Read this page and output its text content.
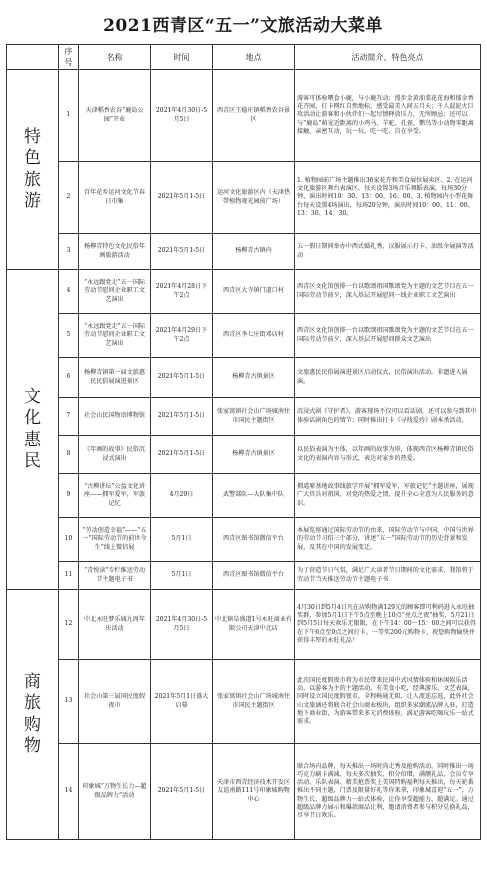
2021西青区“五一”文旅活动大菜单
	序号	名称	时间	地点	活动简介、特色亮点
特色旅游	1	天津稻香农谷“鹿岛公园”开业	2021年4月30日-5月5日	西青区王稳庄镇稻香农谷景区	游客可体验喂食小鹿，与小鹿互动；漫步金黄油菜花花海和郁金香花卉园，打卡网红自然地标，感受最美人间五月天；千人混泥火巨攻活动让游客和小伙伴们一起尽情释放压力，无所顾忌；还可以与“鹿岛”萌宠近距离的小鸡马、羊驼、孔雀、鹦鸟等小动物零距离接触、亲密互动，玩一玩、吃一吃、自在享受。
	2	百年花乡运河文化节春日市集	2021年5月1-5日	运河文化旅游区内（天津热带植物观光园前广场）	1. 植物园前广场主题推出36家花卉和美食展位展卖区。2. 在运河文化旅游区舞台表演区，每天设置3场音乐舞蹈表演，每场30分钟，演出时间10：30、13：00、16：00。3. 植物园内小型花舞台每天设置4场演出，每场20分钟，演出时间10：00、11：00、13：30、14：30。
	3	杨柳青特色文化民俗年画旅游活动	2021年5月1-5日	杨柳青古镇内	五一假日期间举办中西式婚礼秀、汉服展示打卡，油纸伞展演等活动
文化惠民	4	“永远跟党走”五一国际劳动节慰问企业职工文艺演出	2021年4月28日下午2点	西青区大寺镇门道口村	西青区文化馆创排一台以歌颂祖国歌颂党为主题的文艺节目在五一国际劳动节前夕，深入基层开展慰问一线企业职工文艺演出
	5	“永远跟党走”五一国际劳动节慰问企业职工文艺演出	2021年4月29日下午2点	西青区李七庄街邓店村	西青区文化馆创排一台以歌颂祖国歌颂党为主题的文艺节目在五一国际劳动节前夕，深入基层开展慰问群众文艺演出
	6	杨柳青镇第一届文旅惠民民俗展演进景区	2021年5月1-5日	杨柳青古镇景区	文旅惠民民俗展演进景区启动仪式，民俗演出活动。非遗进入展演。
	7	社会山民国物语博物馆	2021年5月1-5日	张家窝镇社会山广场城南往市国民主题街区	沉浸式剧《守护者》，游客现场不仅可以看话剧，还可以参与到其中体验话剧角色的情节；同时推出打卡《寻找爱玲》剧本杀活动。
	8	《年画的故事》民俗沉浸式演出	2021年5月1-5日	杨柳青古镇景区	以民俗表演为主体，以年画的故事为形，体现西青区杨柳青镇民俗文化的表演内容与形式，表达对家乡的热爱。
	9	“古柳讲坛”公益文化讲座——拥军爱军，军旅记忆	4月29日	武警部队—大队集中队	拥道原基地故事线旅学开展“拥军爱军，军旅记忆”主题讲座，展现广大官兵对祖国，对党的热爱之情，提升全心全意为人民服务的意识。
	10	“劳动创造幸福”——“五一”国际劳动节的前世今生”线上微信展	5月1日	西青区图书馆微信平台	本展览将通过国际劳动节的由来，国际劳动节与中国、中国与世界的劳动节习俗三个部分，讲述“五一”国际劳动节的历史背景和发展，及其在中国的发展变迁。
	11	“青悦读”专栏推送劳动节主题电子书	5月1日	西青区图书馆微信平台	为丁营造节日气氛，满足广大读者节日期间的文化需求，我馆将于劳动节当天推送劳动节主题电子书
商旅购物	12	中北永旺梦乐城九周年庆活动	2021年4月30日-5月5日	中北镇阜盛道1号永旺商业有限公司天津中北店	4月30日到5月4日凡在店购物满129元的顾客即可利码进入永旺抽奖群，参加5月1日下午5点至晚上10点“亮点之夜”抽奖，5月21日到5月5日每天欢乐无限限，在下午14：00～15：00之间可以获得在下午6点至9点之间打卡。一等奖200元购物卡，祝您购物愉快并获得丰厚的永旺礼品！
	13	社会山第三届国民度假夜市	2021年5月1日盛大启幕	张家窝镇社会山广场城南往市国民主题街区	此次国民度假夜市将为市民带来民国中式风情体验和休闲娱乐活动，以游客为主的主题活动，有美食小吃，经典游乐、文艺表演，同时设立国民度假夜市，全程畅通无阻，让人流连忘返，此外社会山文旅涵还将联合社会山商业板块，组织多家潮流品牌入驻，打造地下商业街，为游客带来多元消费体验，满足游客吃喝玩乐一站式需求。
	14	印象城“万物生长力—超级品牌力”活动	2021年5月1-5日	天津市西青经济技术开发区友谊南路111号印象城购物中心	联合场内品牌，每天推出一场时尚走秀及抢购活动，同时推出一场巧克力刷卡满减、每天多次抽奖，积分倍增，满额礼品，会员专享活动，乐队表演、精美抢票奖上美国特购福利每天推出，每天轮番推出不同主题，门票及限量好礼等你来拿，印象城喜迎“五一”，万物生长，超级品牌力一站式体验，让你享受超能力、超满足。通过超级品牌力展示和爆款商品让利，邀请消费者参与积分兑换礼品，尽享节日欢乐。
